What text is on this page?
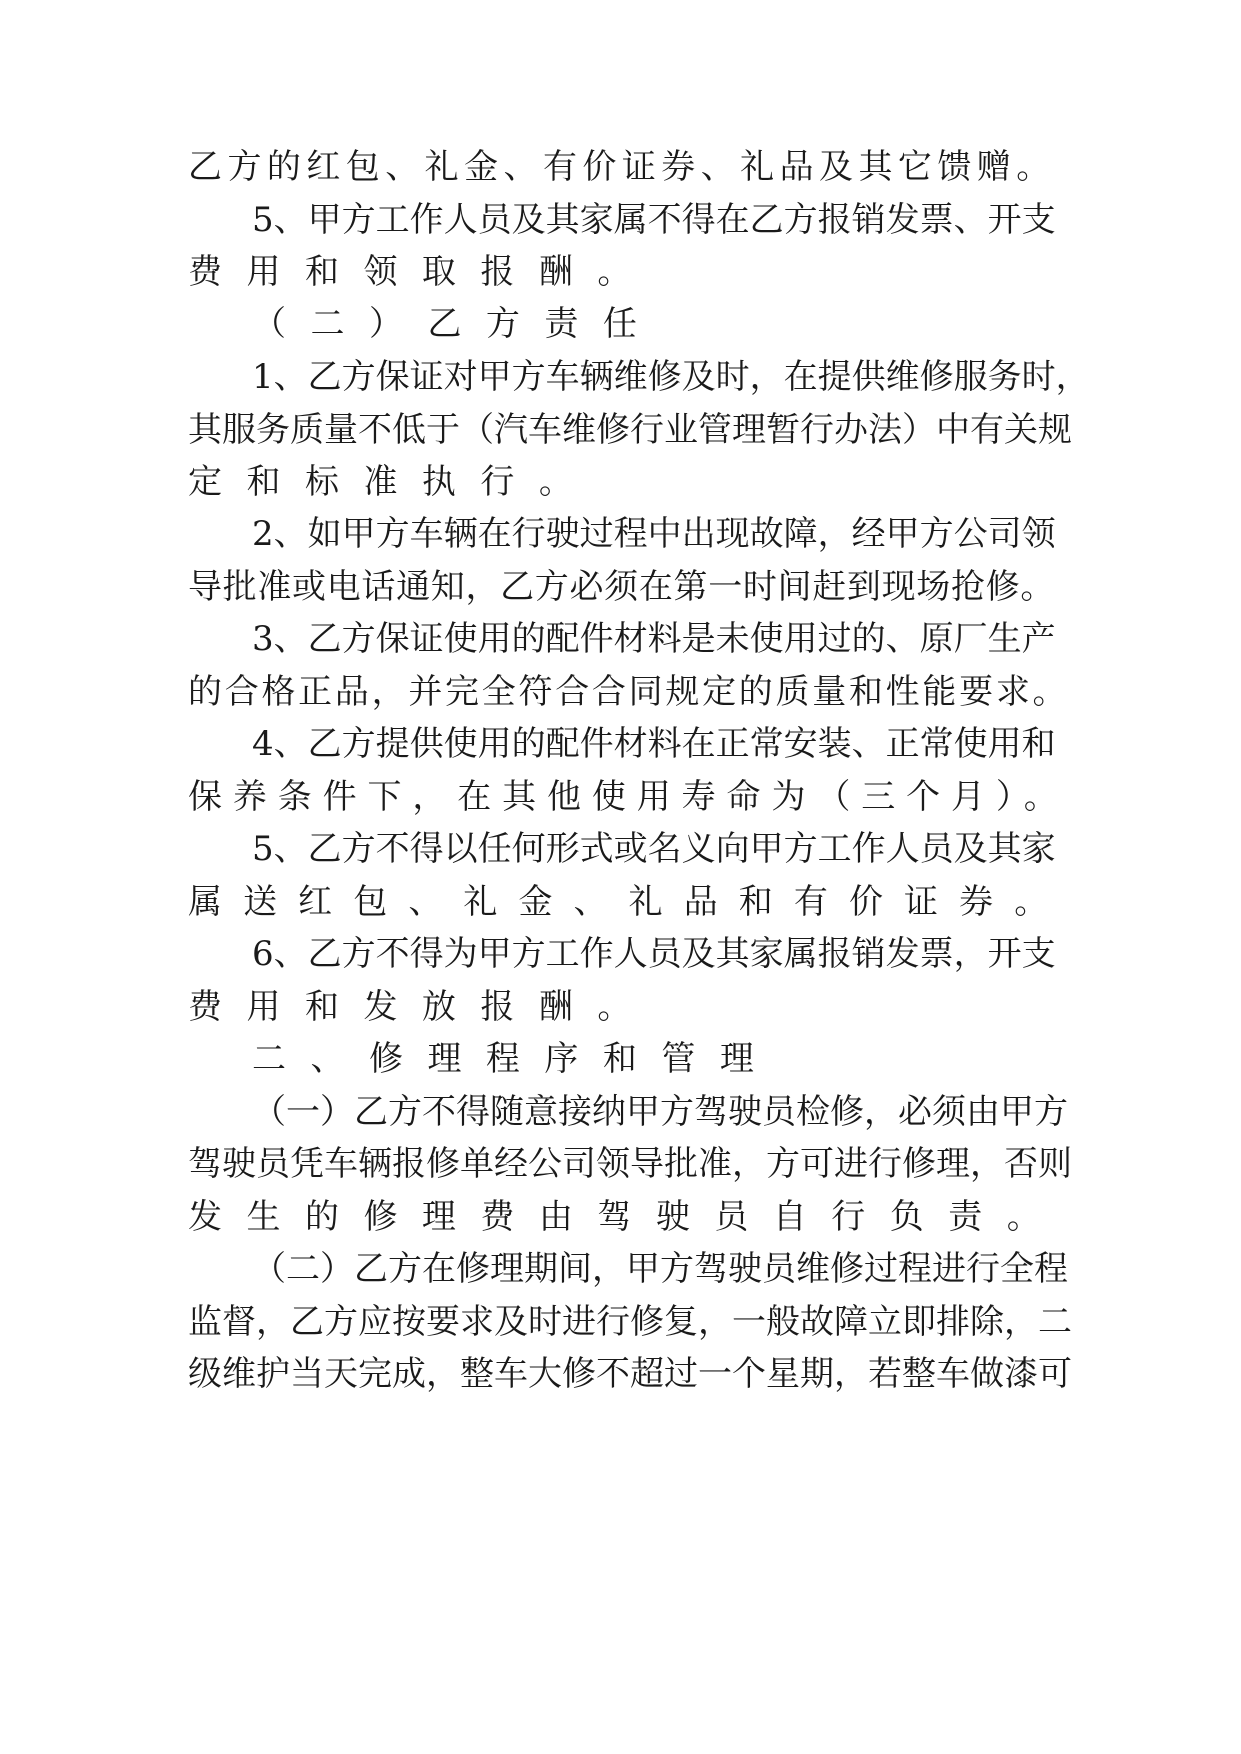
乙方的红包、礼金、有价证券、礼品及其它馈赠。
5、甲方工作人员及其家属不得在乙方报销发票、开支
费用和领取报酬。
（二）乙方责任
1、乙方保证对甲方车辆维修及时，在提供维修服务时，
其服务质量不低于（汽车维修行业管理暂行办法）中有关规
定和标准执行。
2、如甲方车辆在行驶过程中出现故障，经甲方公司领
导批准或电话通知，乙方必须在第一时间赶到现场抢修。
3、乙方保证使用的配件材料是未使用过的、原厂生产
的合格正品，并完全符合合同规定的质量和性能要求。
4、乙方提供使用的配件材料在正常安装、正常使用和
保养条件下，在其他使用寿命为（三个月）。
5、乙方不得以任何形式或名义向甲方工作人员及其家
属送红包、礼金、礼品和有价证券。
6、乙方不得为甲方工作人员及其家属报销发票，开支
费用和发放报酬。
二、修理程序和管理
（一）乙方不得随意接纳甲方驾驶员检修，必须由甲方
驾驶员凭车辆报修单经公司领导批准，方可进行修理，否则
发生的修理费由驾驶员自行负责。
（二）乙方在修理期间，甲方驾驶员维修过程进行全程
监督，乙方应按要求及时进行修复，一般故障立即排除，二
级维护当天完成，整车大修不超过一个星期，若整车做漆可
